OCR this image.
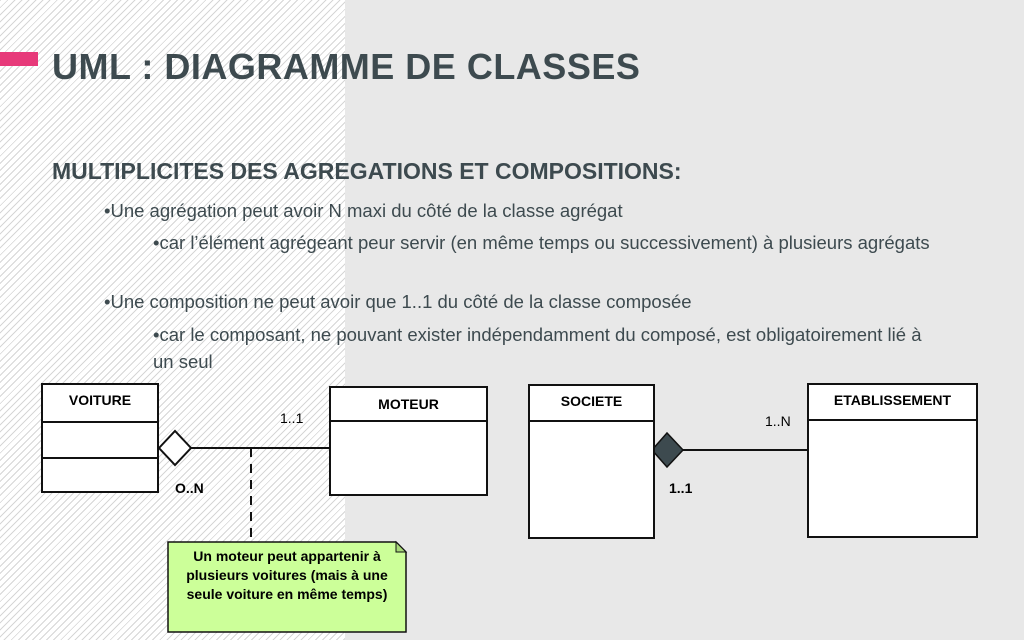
UML : DIAGRAMME DE CLASSES
MULTIPLICITES DES AGREGATIONS ET COMPOSITIONS:
•Une agrégation peut avoir N maxi du côté de la classe agrégat
•car l’élément agrégeant peur servir (en même temps ou successivement) à plusieurs agrégats
•Une composition ne peut avoir que 1..1 du côté de la classe composée
•car le composant, ne pouvant exister indépendamment du composé, est obligatoirement lié à un seul
VOITURE	MOTEUR	SOCIETE	ETABLISSEMENT
1..1
O..N
1..N
1..1
Un moteur peut appartenir à plusieurs voitures (mais à une seule voiture en même temps)
